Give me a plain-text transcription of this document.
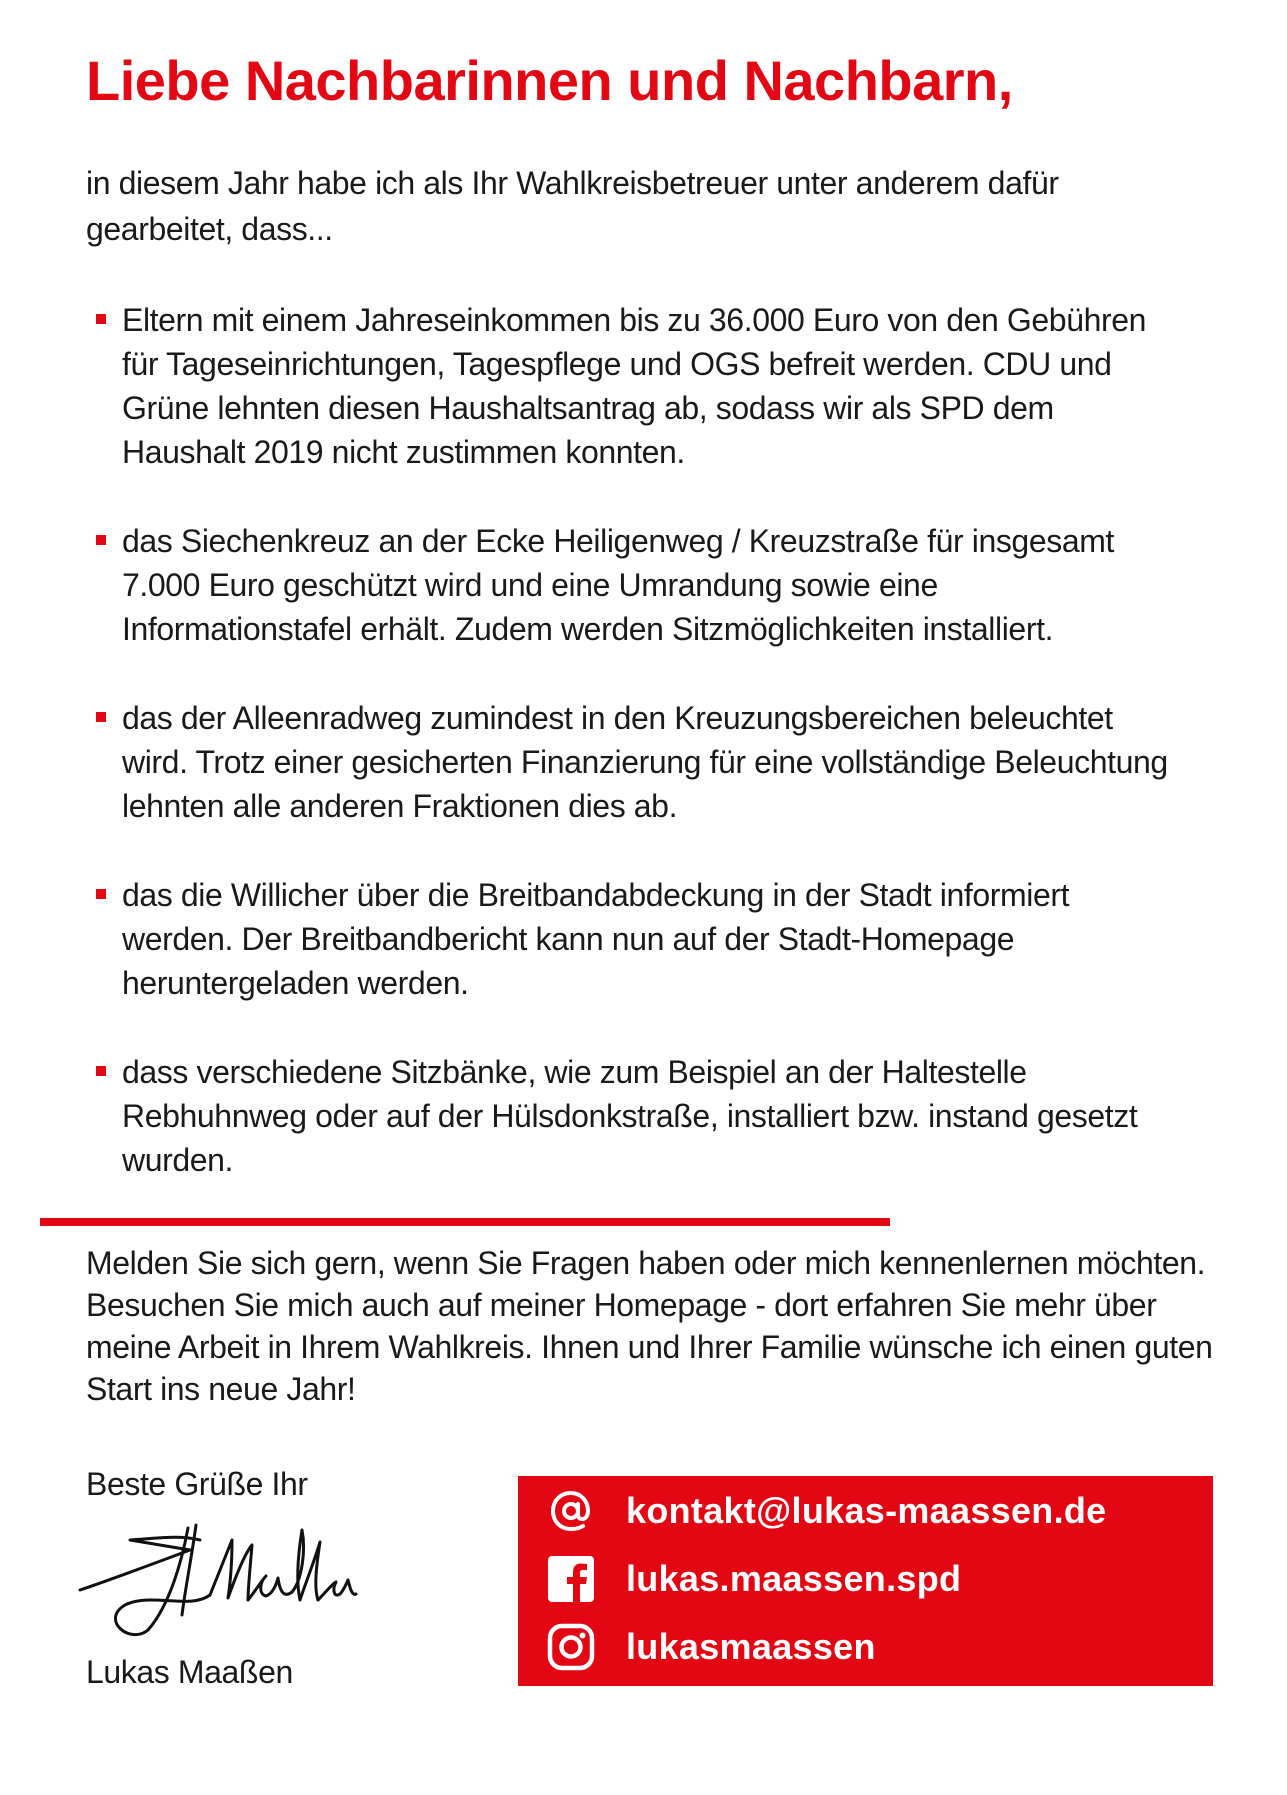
Liebe Nachbarinnen und Nachbarn,

in diesem Jahr habe ich als Ihr Wahlkreisbetreuer unter anderem dafür gearbeitet, dass...

Eltern mit einem Jahreseinkommen bis zu 36.000 Euro von den Gebühren für Tageseinrichtungen, Tagespflege und OGS befreit werden. CDU und Grüne lehnten diesen Haushaltsantrag ab, sodass wir als SPD dem Haushalt 2019 nicht zustimmen konnten.
das Siechenkreuz an der Ecke Heiligenweg / Kreuzstraße für insgesamt 7.000 Euro geschützt wird und eine Umrandung sowie eine Informationstafel erhält. Zudem werden Sitzmöglichkeiten installiert.
das der Alleenradweg zumindest in den Kreuzungsbereichen beleuchtet wird. Trotz einer gesicherten Finanzierung für eine vollständige Beleuchtung lehnten alle anderen Fraktionen dies ab.
das die Willicher über die Breitbandabdeckung in der Stadt informiert werden. Der Breitbandbericht kann nun auf der Stadt-Homepage heruntergeladen werden.
dass verschiedene Sitzbänke, wie zum Beispiel an der Haltestelle Rebhuhnweg oder auf der Hülsdonkstraße, installiert bzw. instand gesetzt wurden.

Melden Sie sich gern, wenn Sie Fragen haben oder mich kennenlernen möchten. Besuchen Sie mich auch auf meiner Homepage - dort erfahren Sie mehr über meine Arbeit in Ihrem Wahlkreis. Ihnen und Ihrer Familie wünsche ich einen guten Start ins neue Jahr!

Beste Grüße Ihr

Lukas Maaßen

kontakt@lukas-maassen.de
lukas.maassen.spd
lukasmaassen
